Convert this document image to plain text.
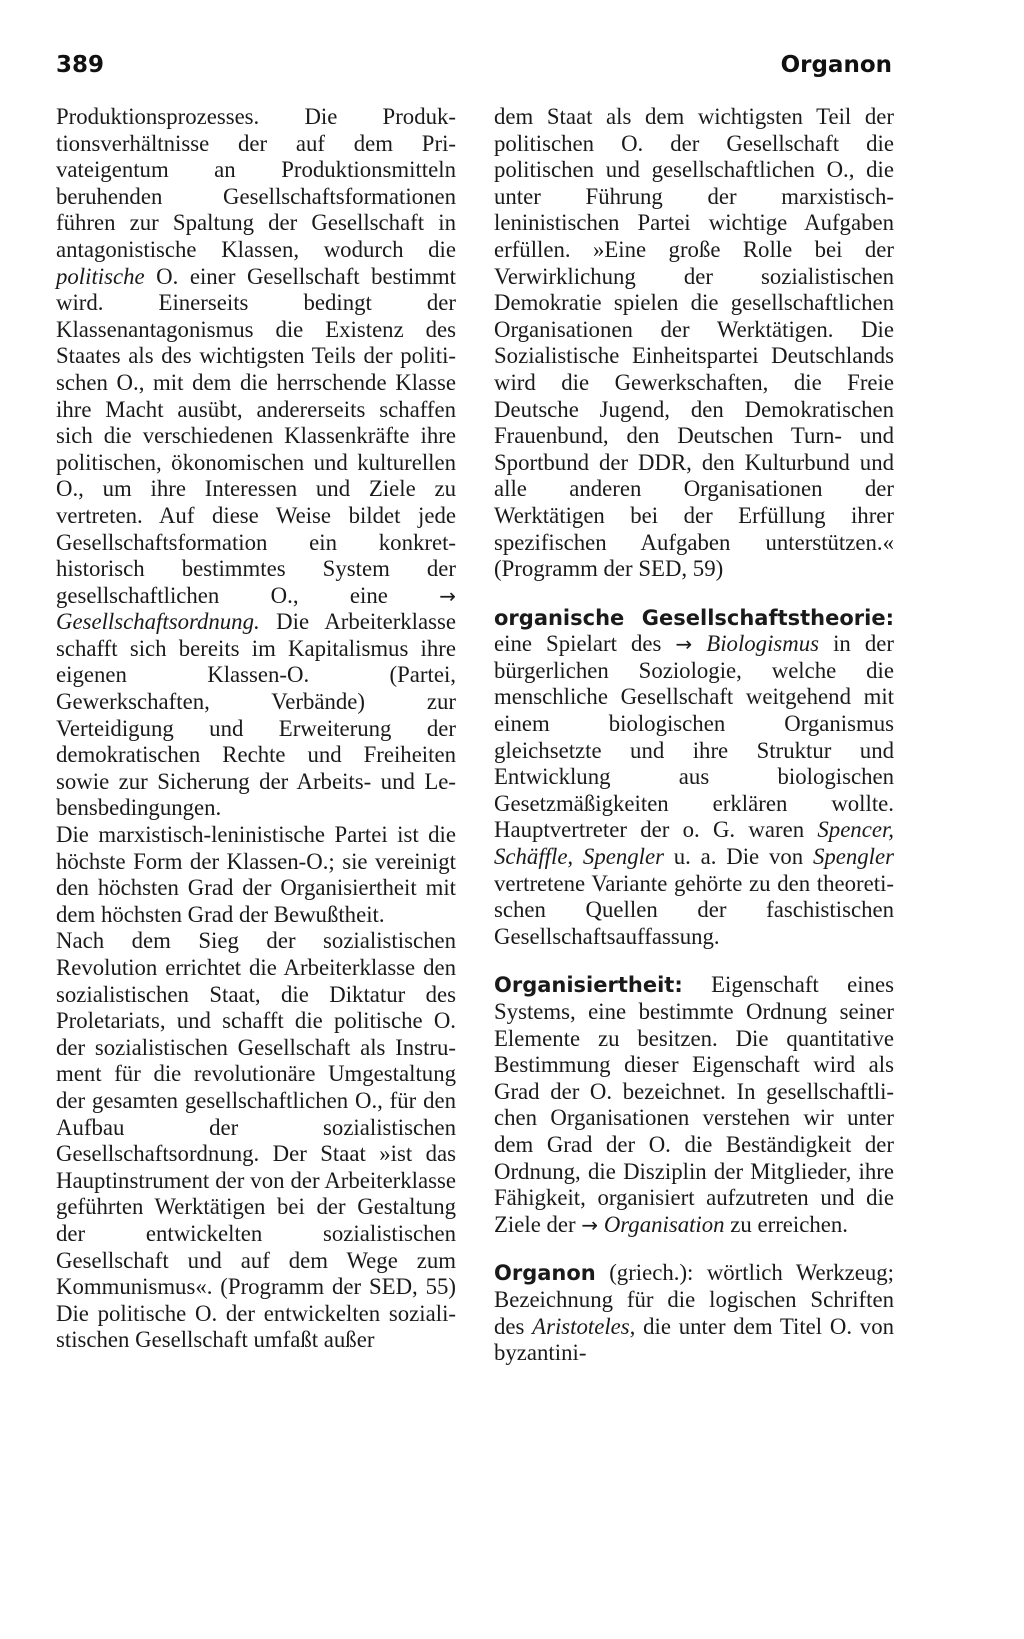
389	Organon

Produktionsprozesses. Die Produktionsverhältnisse der auf dem Privateigentum an Produktionsmitteln beruhenden Gesellschaftsformationen führen zur Spaltung der Gesellschaft in antagonistische Klassen, wodurch die politische O. einer Gesellschaft bestimmt wird. Einerseits bedingt der Klassenantagonismus die Existenz des Staates als des wichtigsten Teils der politischen O., mit dem die herrschende Klasse ihre Macht ausübt, andererseits schaffen sich die verschiedenen Klassenkräfte ihre politischen, ökonomischen und kulturellen O., um ihre Interessen und Ziele zu vertreten. Auf diese Weise bildet jede Gesellschaftsformation ein konkret-historisch bestimmtes System der gesellschaftlichen O., eine → Gesellschaftsordnung. Die Arbeiterklasse schafft sich bereits im Kapitalismus ihre eigenen Klassen-O. (Partei, Gewerkschaften, Verbände) zur Verteidigung und Erweiterung der demokratischen Rechte und Freiheiten sowie zur Sicherung der Arbeits- und Lebensbedingungen.

Die marxistisch-leninistische Partei ist die höchste Form der Klassen-O.; sie vereinigt den höchsten Grad der Organisiertheit mit dem höchsten Grad der Bewußtheit.

Nach dem Sieg der sozialistischen Revolution errichtet die Arbeiterklasse den sozialistischen Staat, die Diktatur des Proletariats, und schafft die politische O. der sozialistischen Gesellschaft als Instrument für die revolutionäre Umgestaltung der gesamten gesellschaftlichen O., für den Aufbau der sozialistischen Gesellschaftsordnung. Der Staat »ist das Hauptinstrument der von der Arbeiterklasse geführten Werktätigen bei der Gestaltung der entwickelten sozialistischen Gesellschaft und auf dem Wege zum Kommunismus«. (Programm der SED, 55) Die politische O. der entwickelten sozialistischen Gesellschaft umfaßt außer

dem Staat als dem wichtigsten Teil der politischen O. der Gesellschaft die politischen und gesellschaftlichen O., die unter Führung der marxistisch-leninistischen Partei wichtige Aufgaben erfüllen. »Eine große Rolle bei der Verwirklichung der sozialistischen Demokratie spielen die gesellschaftlichen Organisationen der Werktätigen. Die Sozialistische Einheitspartei Deutschlands wird die Gewerkschaften, die Freie Deutsche Jugend, den Demokratischen Frauenbund, den Deutschen Turn- und Sportbund der DDR, den Kulturbund und alle anderen Organisationen der Werktätigen bei der Erfüllung ihrer spezifischen Aufgaben unterstützen.« (Programm der SED, 59)

organische Gesellschaftstheorie: eine Spielart des → Biologismus in der bürgerlichen Soziologie, welche die menschliche Gesellschaft weitgehend mit einem biologischen Organismus gleichsetzte und ihre Struktur und Entwicklung aus biologischen Gesetzmäßigkeiten erklären wollte. Hauptvertreter der o. G. waren Spencer, Schäffle, Spengler u. a. Die von Spengler vertretene Variante gehörte zu den theoretischen Quellen der faschistischen Gesellschaftsauffassung.

Organisiertheit: Eigenschaft eines Systems, eine bestimmte Ordnung seiner Elemente zu besitzen. Die quantitative Bestimmung dieser Eigenschaft wird als Grad der O. bezeichnet. In gesellschaftlichen Organisationen verstehen wir unter dem Grad der O. die Beständigkeit der Ordnung, die Disziplin der Mitglieder, ihre Fähigkeit, organisiert aufzutreten und die Ziele der → Organisation zu erreichen.

Organon (griech.): wörtlich Werkzeug; Bezeichnung für die logischen Schriften des Aristoteles, die unter dem Titel O. von byzantini-
